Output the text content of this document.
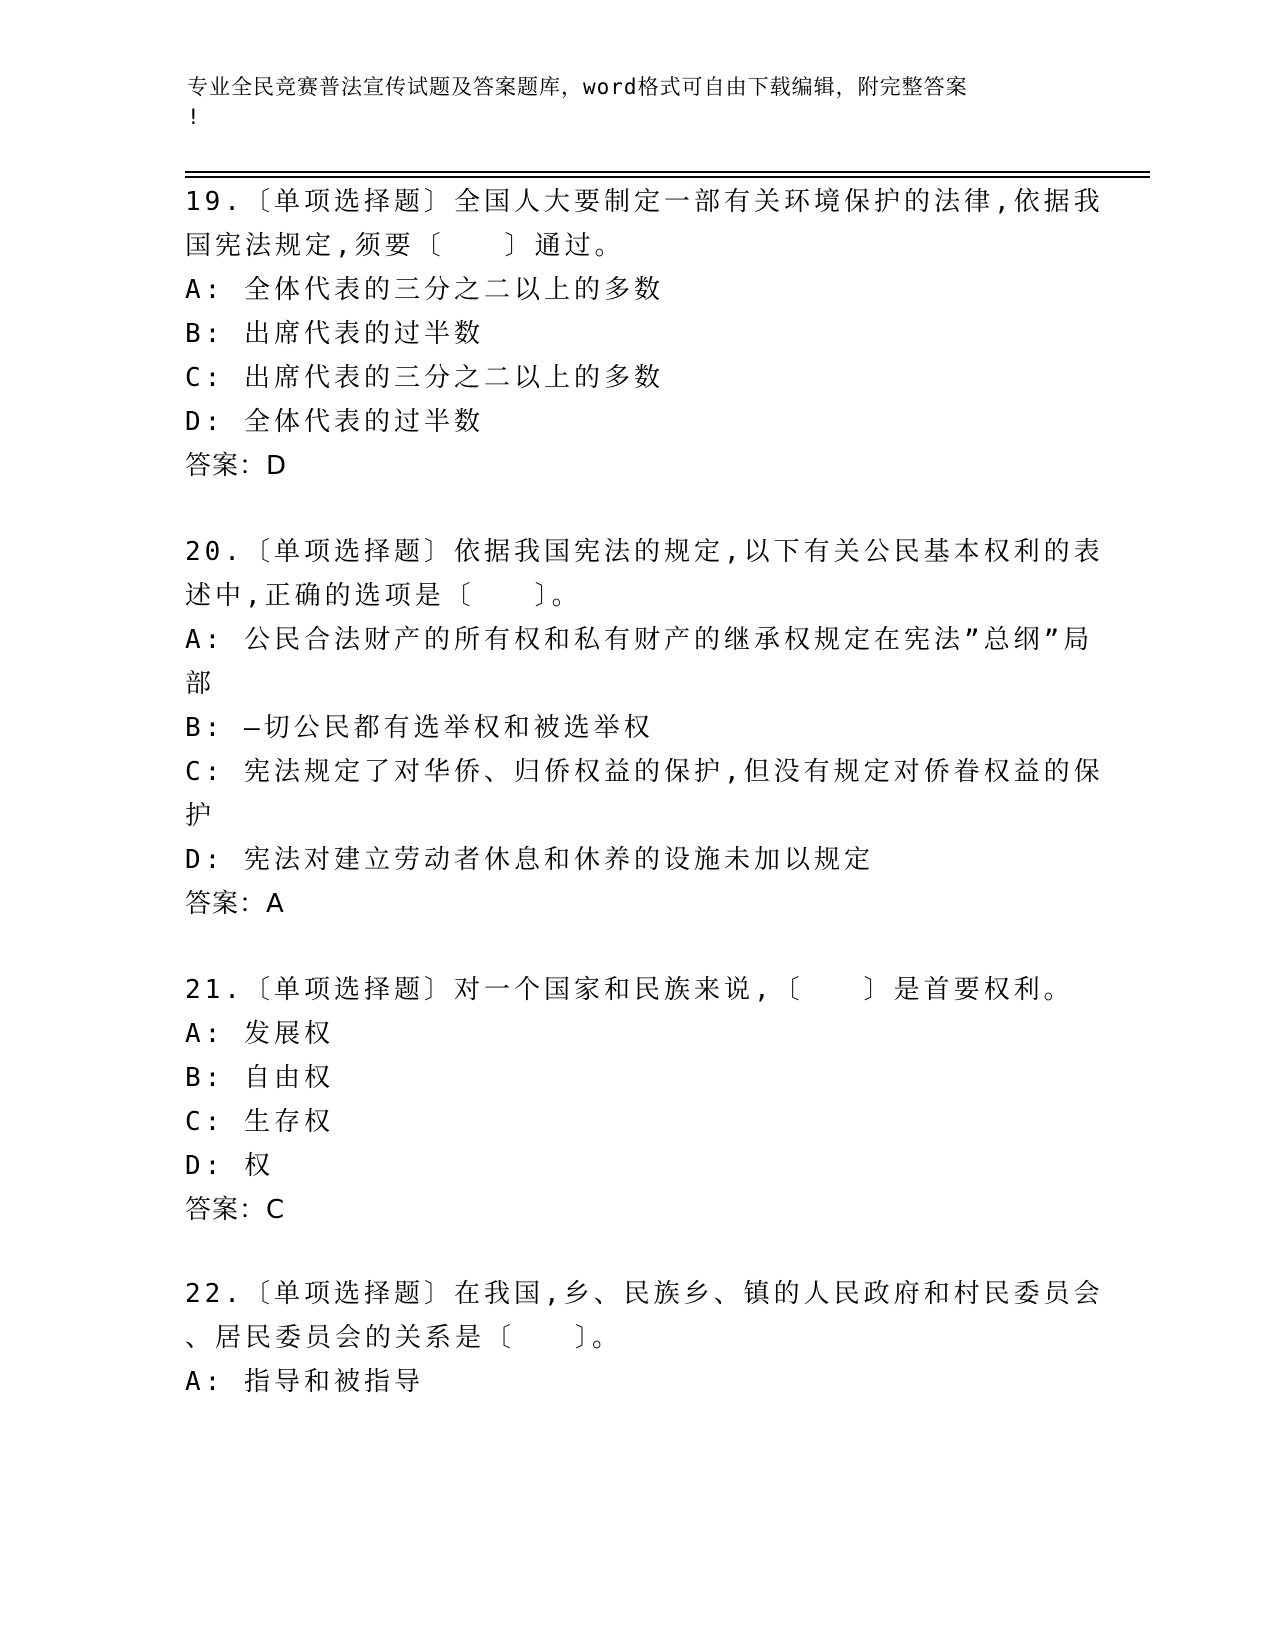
专业全民竞赛普法宣传试题及答案题库，word格式可自由下载编辑，附完整答案
!
19.〔单项选择题〕全国人大要制定一部有关环境保护的法律,依据我
国宪法规定,须要〔　　〕通过。
A: 全体代表的三分之二以上的多数
B: 出席代表的过半数
C: 出席代表的三分之二以上的多数
D: 全体代表的过半数
答案：D
20.〔单项选择题〕依据我国宪法的规定,以下有关公民基本权利的表
述中,正确的选项是〔　　〕。
A: 公民合法财产的所有权和私有财产的继承权规定在宪法”总纲”局
部
B: —切公民都有选举权和被选举权
C: 宪法规定了对华侨、归侨权益的保护,但没有规定对侨眷权益的保
护
D: 宪法对建立劳动者休息和休养的设施未加以规定
答案：A
21.〔单项选择题〕对一个国家和民族来说,〔　　〕是首要权利。
A: 发展权
B: 自由权
C: 生存权
D: 权
答案：C
22.〔单项选择题〕在我国,乡、民族乡、镇的人民政府和村民委员会
、居民委员会的关系是〔　　〕。
A: 指导和被指导
